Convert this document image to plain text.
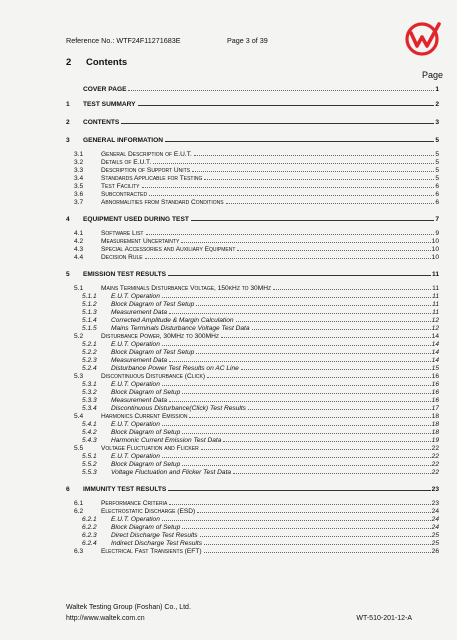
Reference No.: WTF24F11271683E	Page 3 of 39
2 Contents
Page
COVER PAGE	1
1 TEST SUMMARY	2
2 CONTENTS	3
3 GENERAL INFORMATION	5
3.1	General Description of E.U.T.	5
3.2	Details of E.U.T.	5
3.3	Description of Support Units	5
3.4	Standards Applicable for Testing	5
3.5	Test Facility	6
3.6	Subcontracted	6
3.7	Abnormalities from Standard Conditions	6
4 EQUIPMENT USED DURING TEST	7
4.1	Software List	9
4.2	Measurement Uncertainty	10
4.3	Special Accessories and Auxiliary Equipment	10
4.4	Decision Rule	10
5 EMISSION TEST RESULTS	11
5.1	Mains Terminals Disturbance Voltage, 150kHz to 30MHz	11
5.1.1 E.U.T. Operation	11
5.1.2 Block Diagram of Test Setup	11
5.1.3 Measurement Data	11
5.1.4 Corrected Amplitude & Margin Calculation	12
5.1.5 Mains Terminals Disturbance Voltage Test Data	12
5.2	Disturbance Power, 30MHz to 300MHz	14
5.2.1 E.U.T. Operation	14
5.2.2 Block Diagram of Test Setup	14
5.2.3 Measurement Data	14
5.2.4 Disturbance Power Test Results on AC Line	15
5.3	Discontinuous Disturbance (Click)	16
5.3.1 E.U.T. Operation	16
5.3.2 Block Diagram of Setup	16
5.3.3 Measurement Data	16
5.3.4 Discontinuous Disturbance(Click) Test Results	17
5.4	Harmonics Current Emission	18
5.4.1 E.U.T. Operation	18
5.4.2 Block Diagram of Setup	18
5.4.3 Harmonic Current Emission Test Data	19
5.5	Voltage Fluctuation and Flicker	22
5.5.1 E.U.T. Operation	22
5.5.2 Block Diagram of Setup	22
5.5.3 Voltage Fluctuation and Flicker Test Data	22
6 IMMUNITY TEST RESULTS	23
6.1	Performance Criteria	23
6.2	Electrostatic Discharge (ESD)	24
6.2.1 E.U.T. Operation	24
6.2.2 Block Diagram of Setup	24
6.2.3 Direct Discharge Test Results	25
6.2.4 Indirect Discharge Test Results	25
6.3	Electrical Fast Transients (EFT)	26
Waltek Testing Group (Foshan) Co., Ltd.
http://www.waltek.com.cn	WT-510-201-12-A
